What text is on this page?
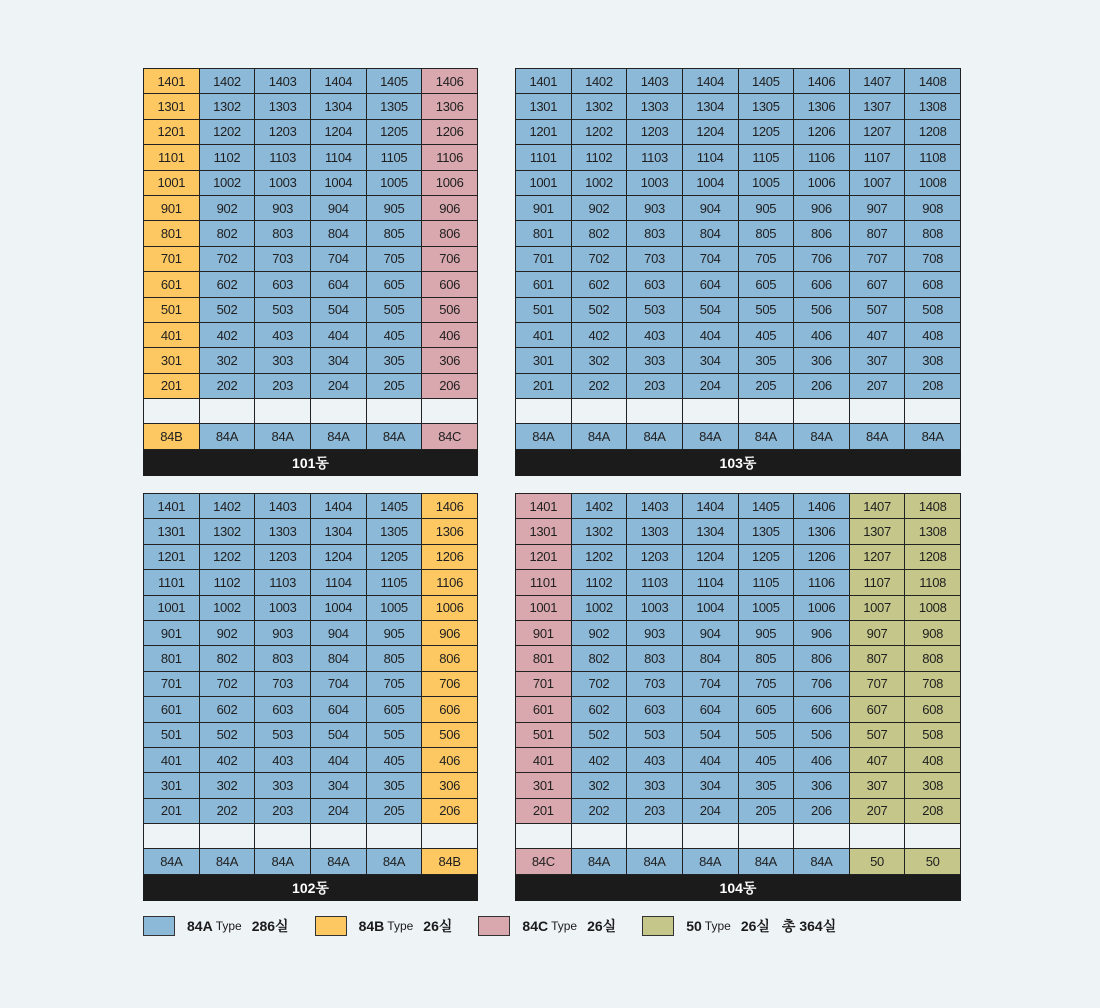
1401	1402	1403	1404	1405	1406
1301	1302	1303	1304	1305	1306
1201	1202	1203	1204	1205	1206
1101	1102	1103	1104	1105	1106
1001	1002	1003	1004	1005	1006
901	902	903	904	905	906
801	802	803	804	805	806
701	702	703	704	705	706
601	602	603	604	605	606
501	502	503	504	505	506
401	402	403	404	405	406
301	302	303	304	305	306
201	202	203	204	205	206
84B	84A	84A	84A	84A	84C
101동
1401	1402	1403	1404	1405	1406	1407	1408
1301	1302	1303	1304	1305	1306	1307	1308
1201	1202	1203	1204	1205	1206	1207	1208
1101	1102	1103	1104	1105	1106	1107	1108
1001	1002	1003	1004	1005	1006	1007	1008
901	902	903	904	905	906	907	908
801	802	803	804	805	806	807	808
701	702	703	704	705	706	707	708
601	602	603	604	605	606	607	608
501	502	503	504	505	506	507	508
401	402	403	404	405	406	407	408
301	302	303	304	305	306	307	308
201	202	203	204	205	206	207	208
84A	84A	84A	84A	84A	84A	84A	84A
103동
1401	1402	1403	1404	1405	1406
1301	1302	1303	1304	1305	1306
1201	1202	1203	1204	1205	1206
1101	1102	1103	1104	1105	1106
1001	1002	1003	1004	1005	1006
901	902	903	904	905	906
801	802	803	804	805	806
701	702	703	704	705	706
601	602	603	604	605	606
501	502	503	504	505	506
401	402	403	404	405	406
301	302	303	304	305	306
201	202	203	204	205	206
84A	84A	84A	84A	84A	84B
102동
1401	1402	1403	1404	1405	1406	1407	1408
1301	1302	1303	1304	1305	1306	1307	1308
1201	1202	1203	1204	1205	1206	1207	1208
1101	1102	1103	1104	1105	1106	1107	1108
1001	1002	1003	1004	1005	1006	1007	1008
901	902	903	904	905	906	907	908
801	802	803	804	805	806	807	808
701	702	703	704	705	706	707	708
601	602	603	604	605	606	607	608
501	502	503	504	505	506	507	508
401	402	403	404	405	406	407	408
301	302	303	304	305	306	307	308
201	202	203	204	205	206	207	208
84C	84A	84A	84A	84A	84A	50	50
104동
84A Type 286실	84B Type 26실	84C Type 26실	50 Type 26실 총 364실
